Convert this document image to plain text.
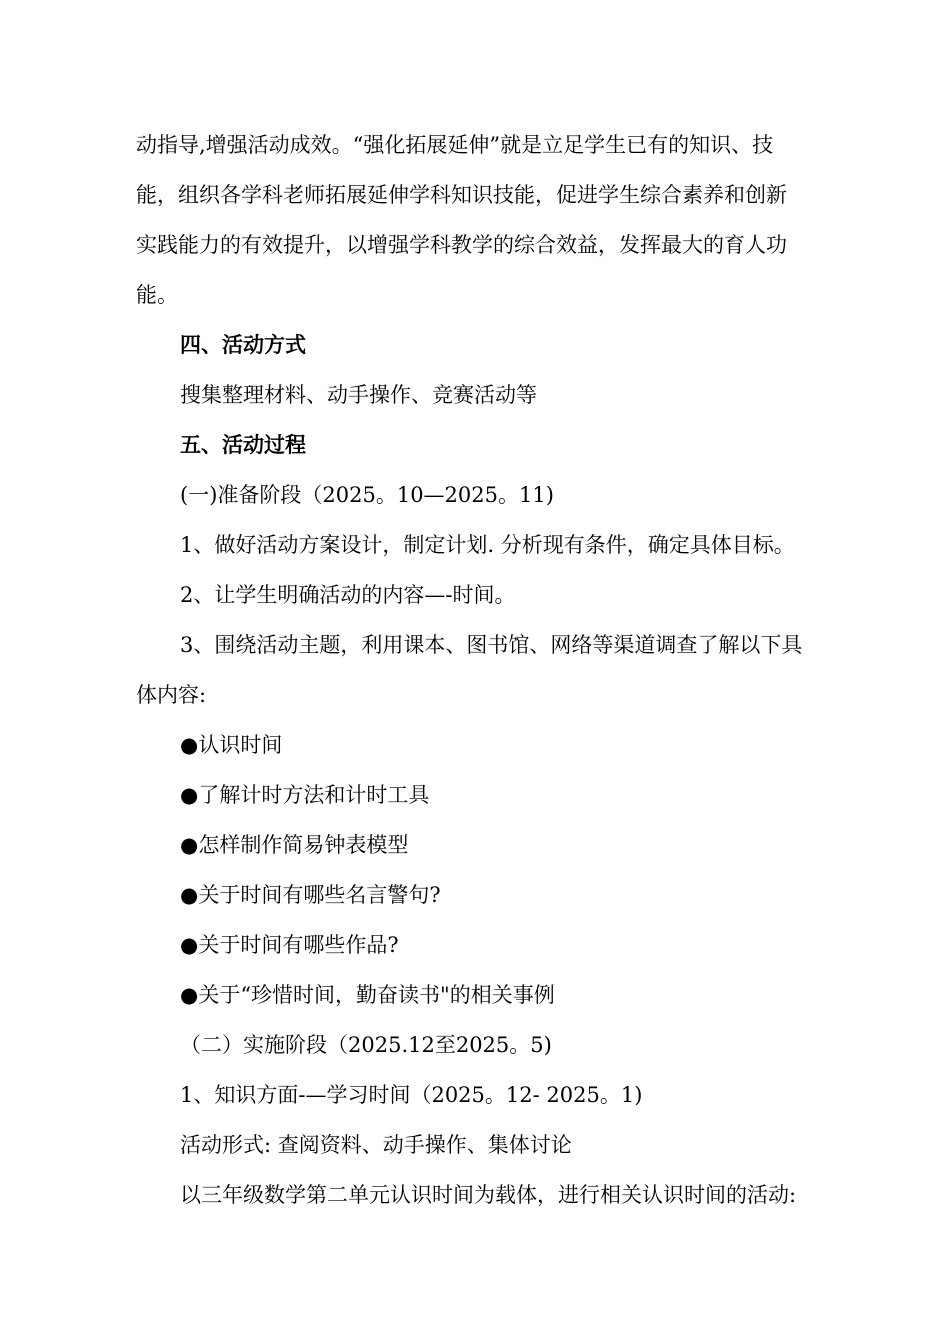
动指导,增强活动成效。“强化拓展延伸”就是立足学生已有的知识、技
能，组织各学科老师拓展延伸学科知识技能，促进学生综合素养和创新
实践能力的有效提升，以增强学科教学的综合效益，发挥最大的育人功
能。
四、活动方式
搜集整理材料、动手操作、竞赛活动等
五、活动过程
(一)准备阶段（2025。10—2025。11)
1、做好活动方案设计，制定计划. 分析现有条件，确定具体目标。
2、让学生明确活动的内容—-时间。
3、围绕活动主题，利用课本、图书馆、网络等渠道调查了解以下具
体内容:
●认识时间
●了解计时方法和计时工具
●怎样制作简易钟表模型
●关于时间有哪些名言警句?
●关于时间有哪些作品?
●关于“珍惜时间，勤奋读书"的相关事例
（二）实施阶段（2025.12至2025。5)
1、知识方面-—学习时间（2025。12- 2025。1)
活动形式: 查阅资料、动手操作、集体讨论
以三年级数学第二单元认识时间为载体，进行相关认识时间的活动:
